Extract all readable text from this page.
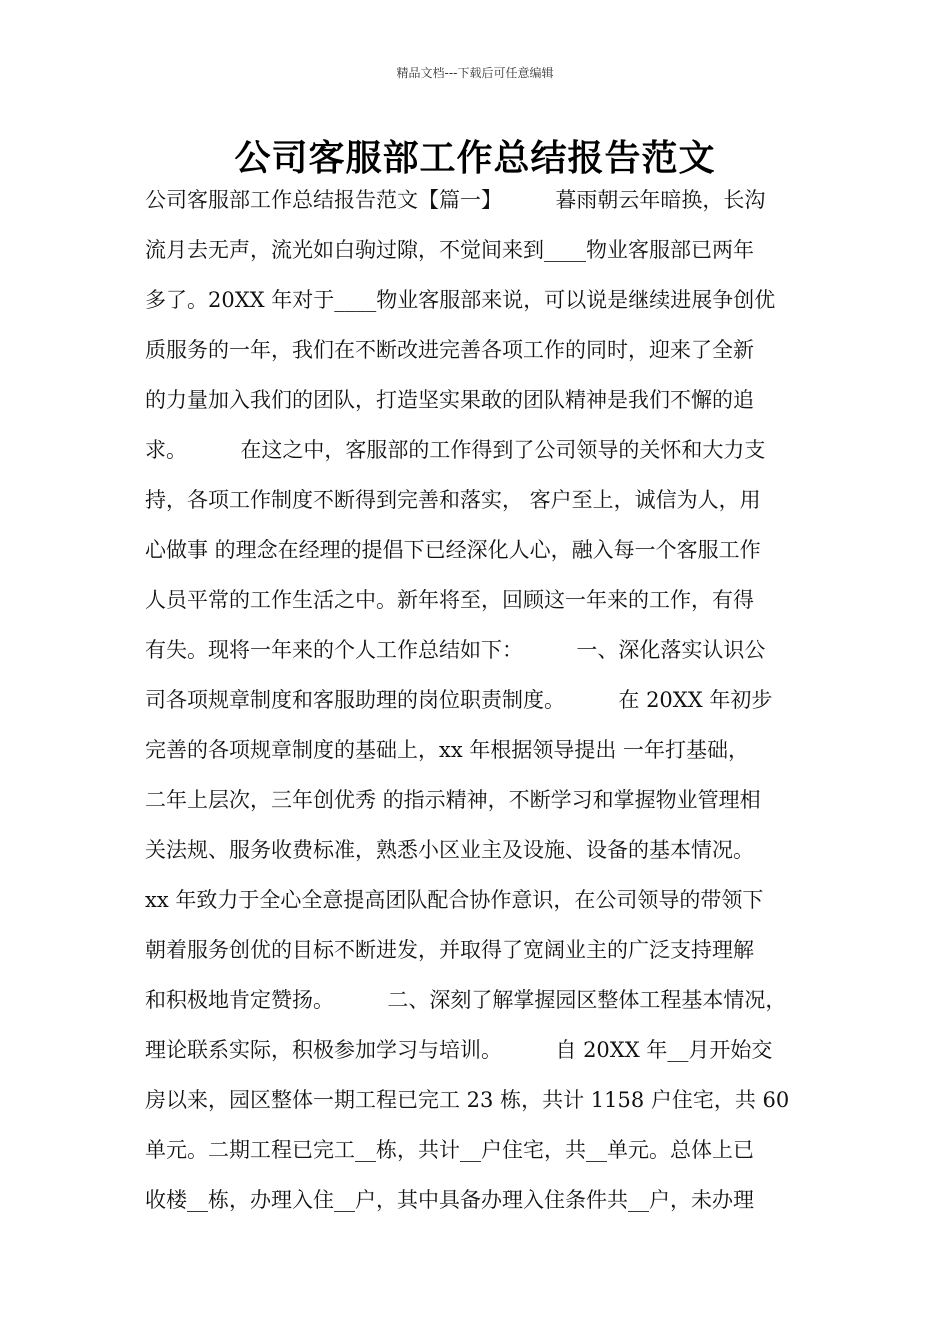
精品文档---下载后可任意编辑
公司客服部工作总结报告范文
公司客服部工作总结报告范文【篇一】        暮雨朝云年暗换，长沟
流月去无声，流光如白驹过隙，不觉间来到____物业客服部已两年
多了。20XX 年对于____物业客服部来说，可以说是继续进展争创优
质服务的一年，我们在不断改进完善各项工作的同时，迎来了全新
的力量加入我们的团队，打造坚实果敢的团队精神是我们不懈的追
求。        在这之中，客服部的工作得到了公司领导的关怀和大力支
持，各项工作制度不断得到完善和落实， 客户至上，诚信为人，用
心做事 的理念在经理的提倡下已经深化人心，融入每一个客服工作
人员平常的工作生活之中。新年将至，回顾这一年来的工作，有得
有失。现将一年来的个人工作总结如下：        一、深化落实认识公
司各项规章制度和客服助理的岗位职责制度。        在 20XX 年初步
完善的各项规章制度的基础上，xx 年根据领导提出 一年打基础，
二年上层次，三年创优秀 的指示精神，不断学习和掌握物业管理相
关法规、服务收费标准，熟悉小区业主及设施、设备的基本情况。
xx 年致力于全心全意提高团队配合协作意识，在公司领导的带领下
朝着服务创优的目标不断进发，并取得了宽阔业主的广泛支持理解
和积极地肯定赞扬。        二、深刻了解掌握园区整体工程基本情况，
理论联系实际，积极参加学习与培训。        自 20XX 年__月开始交
房以来，园区整体一期工程已完工 23 栋，共计 1158 户住宅，共 60
单元。二期工程已完工__栋，共计__户住宅，共__单元。总体上已
收楼__栋，办理入住__户，其中具备办理入住条件共__户，未办理
